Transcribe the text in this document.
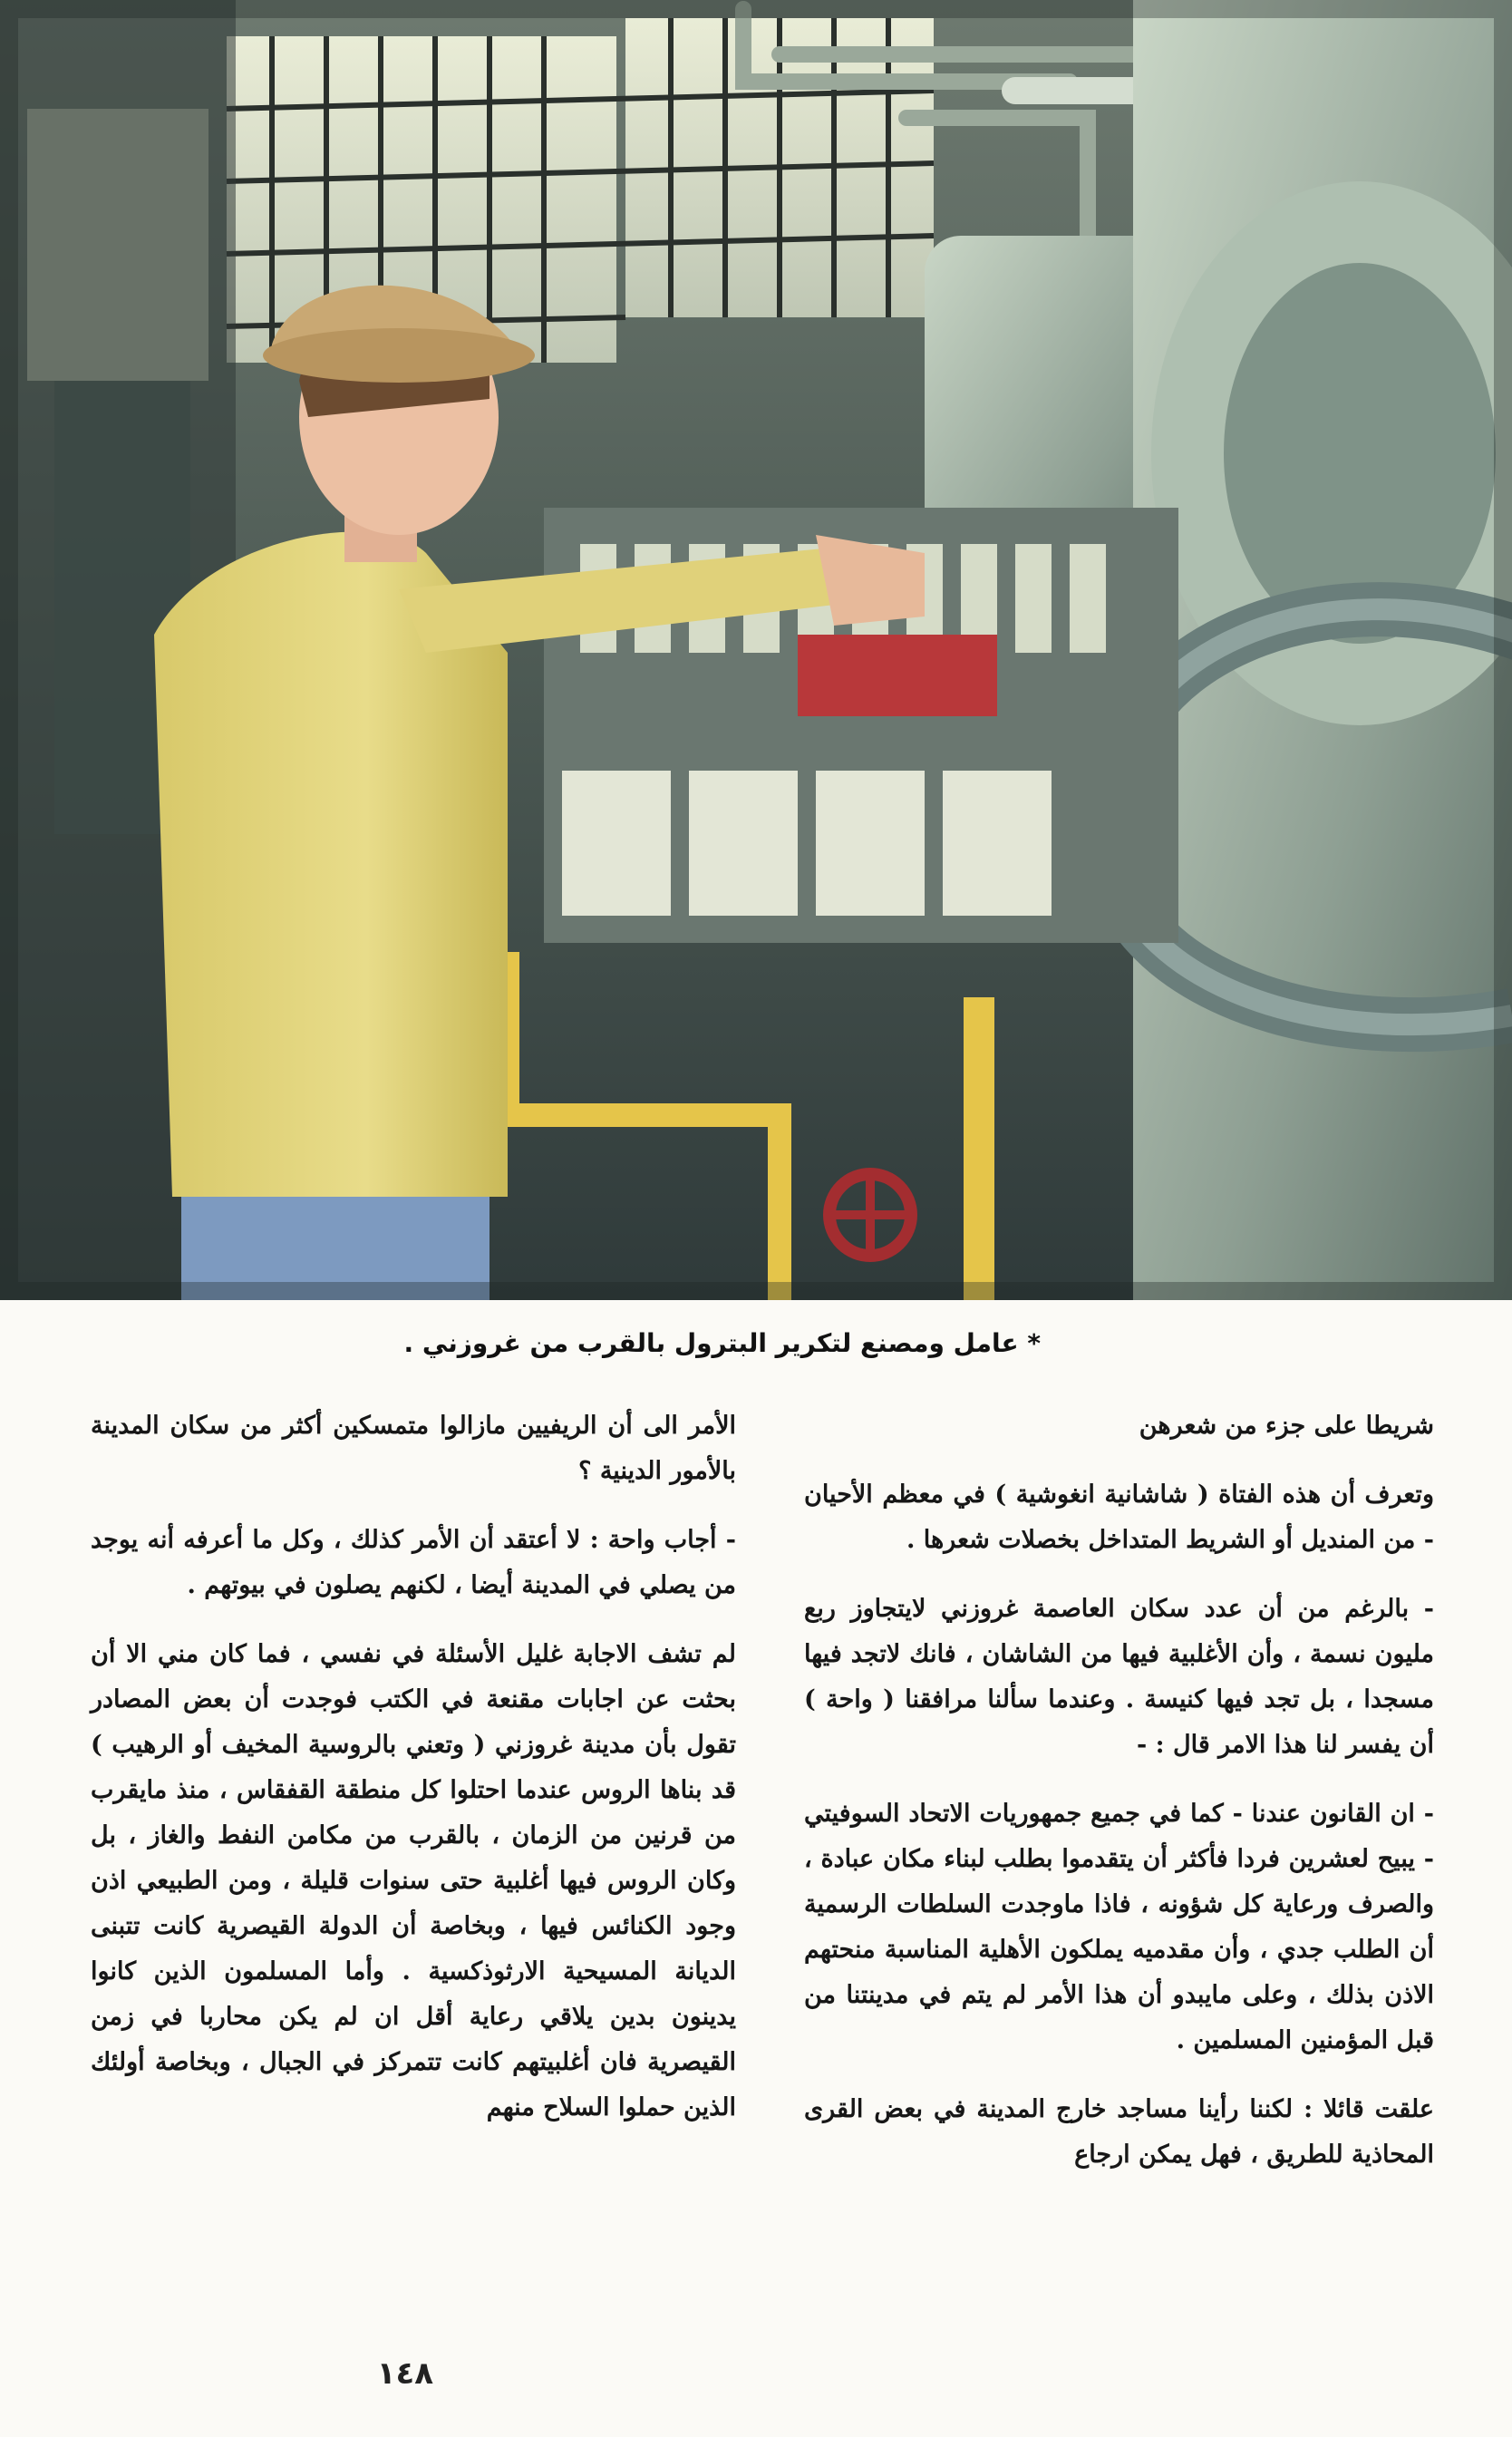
* عامل ومصنع لتكرير البترول بالقرب من غروزني .

شريطا على جزء من شعرهن

وتعرف أن هذه الفتاة ( شاشانية انغوشية ) في معظم الأحيان - من المنديل أو الشريط المتداخل بخصلات شعرها .

- بالرغم من أن عدد سكان العاصمة غروزني لايتجاوز ربع مليون نسمة ، وأن الأغلبية فيها من الشاشان ، فانك لاتجد فيها مسجدا ، بل تجد فيها كنيسة . وعندما سألنا مرافقنا ( واحة ) أن يفسر لنا هذا الامر قال : -

- ان القانون عندنا - كما في جميع جمهوريات الاتحاد السوفيتي - يبيح لعشرين فردا فأكثر أن يتقدموا بطلب لبناء مكان عبادة ، والصرف ورعاية كل شؤونه ، فاذا ماوجدت السلطات الرسمية أن الطلب جدي ، وأن مقدميه يملكون الأهلية المناسبة منحتهم الاذن بذلك ، وعلى مايبدو أن هذا الأمر لم يتم في مدينتنا من قبل المؤمنين المسلمين .

علقت قائلا : لكننا رأينا مساجد خارج المدينة في بعض القرى المحاذية للطريق ، فهل يمكن ارجاع

الأمر الى أن الريفيين مازالوا متمسكين أكثر من سكان المدينة بالأمور الدينية ؟

- أجاب واحة : لا أعتقد أن الأمر كذلك ، وكل ما أعرفه أنه يوجد من يصلي في المدينة أيضا ، لكنهم يصلون في بيوتهم .

لم تشف الاجابة غليل الأسئلة في نفسي ، فما كان مني الا أن بحثت عن اجابات مقنعة في الكتب فوجدت أن بعض المصادر تقول بأن مدينة غروزني ( وتعني بالروسية المخيف أو الرهيب ) قد بناها الروس عندما احتلوا كل منطقة القفقاس ، منذ مايقرب من قرنين من الزمان ، بالقرب من مكامن النفط والغاز ، بل وكان الروس فيها أغلبية حتى سنوات قليلة ، ومن الطبيعي اذن وجود الكنائس فيها ، وبخاصة أن الدولة القيصرية كانت تتبنى الديانة المسيحية الارثوذكسية . وأما المسلمون الذين كانوا يدينون بدين يلاقي رعاية أقل ان لم يكن محاربا في زمن القيصرية فان أغلبيتهم كانت تتمركز في الجبال ، وبخاصة أولئك الذين حملوا السلاح منهم

١٤٨
